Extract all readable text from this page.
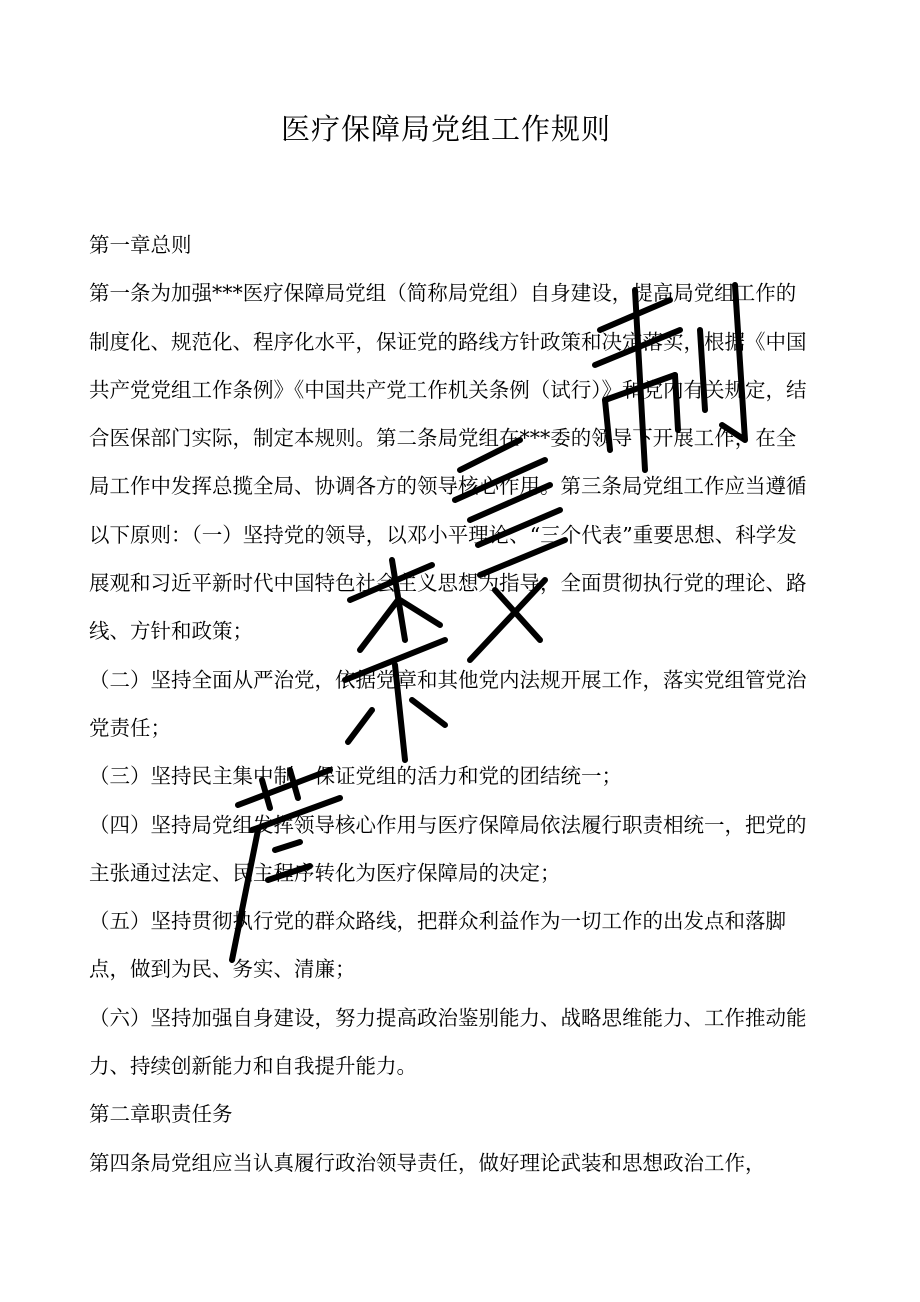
医疗保障局党组工作规则

第一章总则

第一条为加强***医疗保障局党组（简称局党组）自身建设，提高局党组工作的制度化、规范化、程序化水平，保证党的路线方针政策和决定落实，根据《中国共产党党组工作条例》《中国共产党工作机关条例（试行）》和党内有关规定，结合医保部门实际，制定本规则。第二条局党组在***委的领导下开展工作，在全局工作中发挥总揽全局、协调各方的领导核心作用。第三条局党组工作应当遵循以下原则：（一）坚持党的领导，以邓小平理论、“三个代表”重要思想、科学发展观和习近平新时代中国特色社会主义思想为指导，全面贯彻执行党的理论、路线、方针和政策；

（二）坚持全面从严治党，依据党章和其他党内法规开展工作，落实党组管党治党责任；

（三）坚持民主集中制，保证党组的活力和党的团结统一；

（四）坚持局党组发挥领导核心作用与医疗保障局依法履行职责相统一，把党的主张通过法定、民主程序转化为医疗保障局的决定；

（五）坚持贯彻执行党的群众路线，把群众利益作为一切工作的出发点和落脚点，做到为民、务实、清廉；

（六）坚持加强自身建设，努力提高政治鉴别能力、战略思维能力、工作推动能力、持续创新能力和自我提升能力。

第二章职责任务

第四条局党组应当认真履行政治领导责任，做好理论武装和思想政治工作，
